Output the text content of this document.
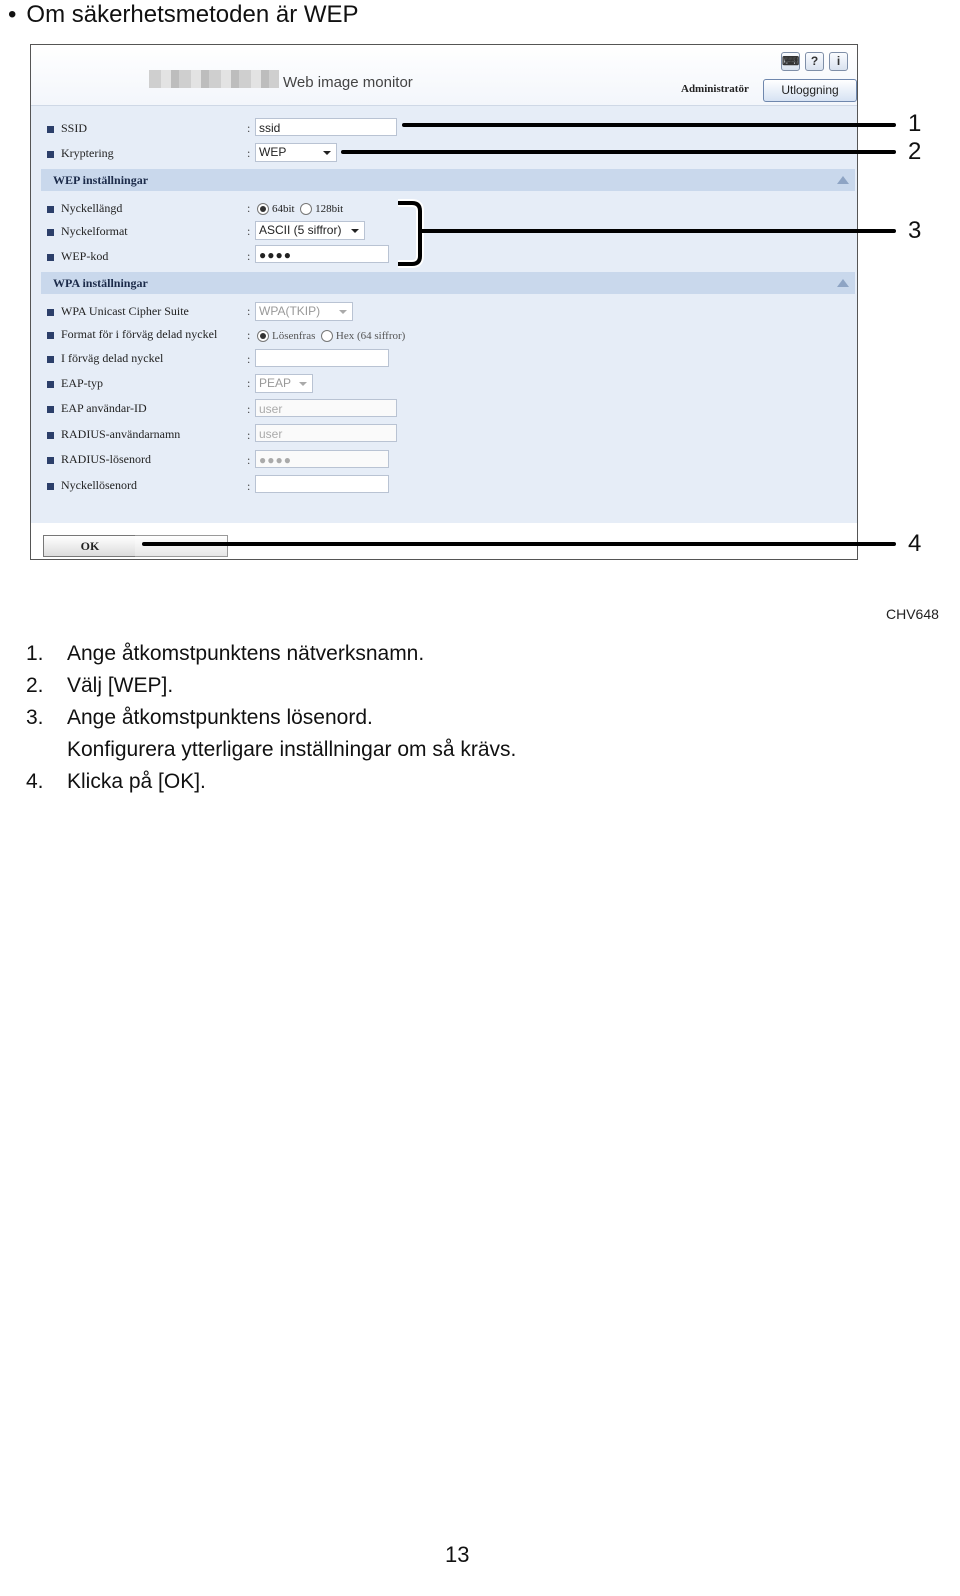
• Om säkerhetsmetoden är WEP
Web image monitor
⌨ ?	i
Administratör	Utloggning
SSID	: ssid
Kryptering	: WEP
WEP inställningar
Nyckellängd	:	64bit 128bit
Nyckelformat	: ASCII (5 siffror)
WEP-kod	: ●●●●
WPA inställningar
WPA Unicast Cipher Suite	: WPA(TKIP)
Format för i förväg delad nyckel :	Lösenfras Hex (64 siffror)
I förväg delad nyckel	:
EAP-typ	: PEAP
EAP användar-ID	: user
RADIUS-användarnamn	: user
RADIUS-lösenord	: ●●●●
Nyckellösenord	:
OK
1
2
3
4
CHV648
1. Ange åtkomstpunktens nätverksnamn.
2. Välj [WEP].
3. Ange åtkomstpunktens lösenord.
Konfigurera ytterligare inställningar om så krävs.
4. Klicka på [OK].
13
